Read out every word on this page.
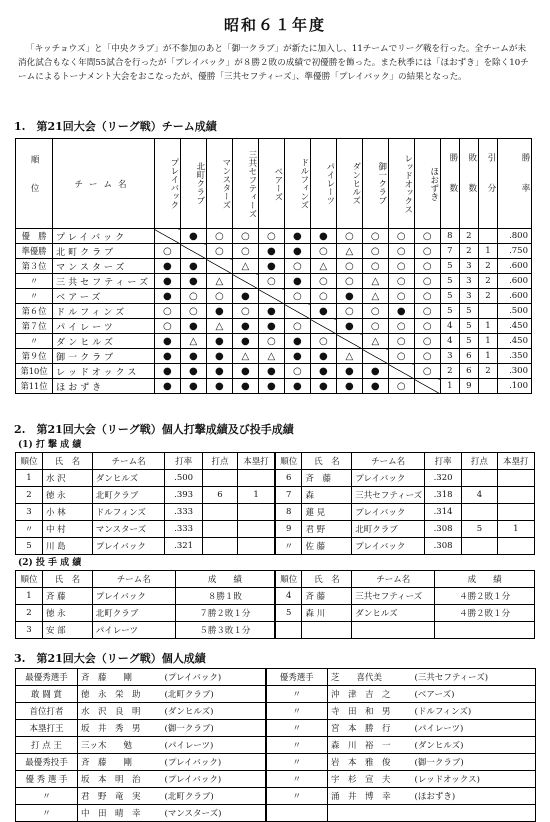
昭和６１年度
「キッチョウズ」と「中央クラブ」が不参加のあと「御一クラブ」が新たに加入し、11チームでリーグ戦を行った。全チームが未消化試合もなく年間55試合を行ったが「プレイバック」が８勝２敗の成績で初優勝を飾った。また秋季には「ほおずき」を除く10チームによるトーナメント大会をおこなったが、優勝「三共セフティーズ」、準優勝「プレイバック」の結果となった。
1.　第21回大会（リーグ戦）チーム成績
順位	チーム名	プレイバック	北町クラブ	マンスターズ	三共セフティーズ	ベアーズ	ドルフィンズ	パイレーツ	ダンヒルズ	御一クラブ	レッドオックス	ほおずき	勝数	敗数	引分	勝率
優　勝	プレイバック		●	○	○	○	●	●	○	○	○	○	8	2		.800
準優勝	北町クラブ	○		○	○	●	●	○	△	○	○	○	7	2	1	.750
第３位	マンスターズ	●	●		△	●	○	△	○	○	○	○	5	3	2	.600
〃	三共セフティーズ	●	●	△		○	●	○	○	△	○	○	5	3	2	.600
〃	ベアーズ	●	○	○	●		○	○	●	△	○	○	5	3	2	.600
第６位	ドルフィンズ	○	○	●	○	●		●	○	○	●	○	5	5		.500
第７位	パイレーツ	○	●	△	●	●	○		●	○	○	○	4	5	1	.450
〃	ダンヒルズ	●	△	●	●	○	●	○		△	○	○	4	5	1	.450
第９位	御一クラブ	●	●	●	△	△	●	●	△		○	○	3	6	1	.350
第10位	レッドオックス	●	●	●	●	●	○	●	●	●		○	2	6	2	.300
第11位	ほおずき	●	●	●	●	●	●	●	●	●	○		1	9		.100
2.　第21回大会（リーグ戦）個人打撃成績及び投手成績
(1) 打 撃 成 績
順位	氏　名	チーム名	打率	打点	本塁打	順位	氏　名	チーム名	打率	打点	本塁打
1	水 沢	ダンヒルズ	.500			6	斉　藤	プレイバック	.320		
2	徳 永	北町クラブ	.393	6	1	7	森	三共セフティーズ	.318	4	
3	小 林	ドルフィンズ	.333			8	蓮 見	プレイバック	.314		
〃	中 村	マンスターズ	.333			9	君 野	北町クラブ	.308	5	1
5	川 島	プレイバック	.321			〃	佐 藤	プレイバック	.308		
(2) 投 手 成 績
順位	氏　名	チーム名	成　　績	順位	氏　名	チーム名	成　　績
1	斉 藤	プレイバック	８勝１敗	4	斉 藤	三共セフティーズ	４勝２敗１分
2	徳 永	北町クラブ	７勝２敗１分	5	森 川	ダンヒルズ	４勝２敗１分
3	安 部	パイレーツ	５勝３敗１分				
3.　第21回大会（リーグ戦）個人成績
最優秀選手	斉　藤　　剛	(プレイバック)	優秀選手	芝　　喜代美	(三共セフティーズ)
敢 闘 賞	徳　永　栄　助	(北町クラブ)	〃	沖　津　吉　之	(ベアーズ)
首位打者	水　沢　良　明	(ダンヒルズ)	〃	寺　田　和　男	(ドルフィンズ)
本塁打王	坂　井　秀　男	(御一クラブ)	〃	宮　本　勝　行	(パイレーツ)
打 点 王	三ッ木　　勉	(パイレーツ)	〃	森　川　裕　一	(ダンヒルズ)
最優秀投手	斉　藤　　剛	(プレイバック)	〃	岩　本　雅　俊	(御一クラブ)
優 秀 選 手	坂　本　明　治	(プレイバック)	〃	宇　杉　宣　夫	(レッドオックス)
〃	君　野　竜　実	(北町クラブ)	〃	涌　井　博　幸	(ほおずき)
〃	中　田　晴　幸	(マンスターズ)			
